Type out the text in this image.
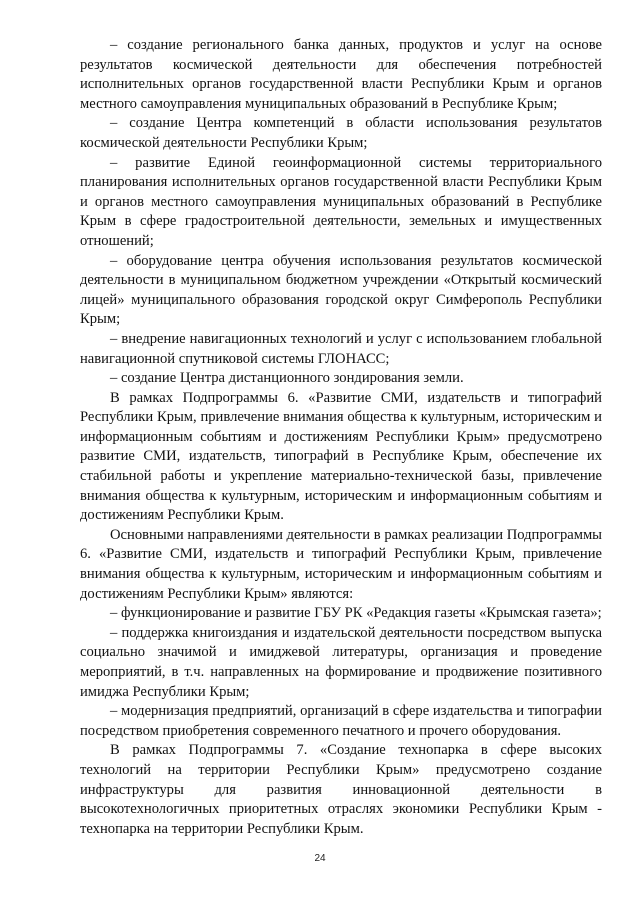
– создание регионального банка данных, продуктов и услуг на основе результатов космической деятельности для обеспечения потребностей исполнительных органов государственной власти Республики Крым и органов местного самоуправления муниципальных образований в Республике Крым;

– создание Центра компетенций в области использования результатов космической деятельности Республики Крым;

– развитие Единой геоинформационной системы территориального планирования исполнительных органов государственной власти Республики Крым и органов местного самоуправления муниципальных образований в Республике Крым в сфере градостроительной деятельности, земельных и имущественных отношений;

– оборудование центра обучения использования результатов космической деятельности в муниципальном бюджетном учреждении «Открытый космический лицей» муниципального образования городской округ Симферополь Республики Крым;

– внедрение навигационных технологий и услуг с использованием глобальной навигационной спутниковой системы ГЛОНАСС;

– создание Центра дистанционного зондирования земли.

В рамках Подпрограммы 6. «Развитие СМИ, издательств и типографий Республики Крым, привлечение внимания общества к культурным, историческим и информационным событиям и достижениям Республики Крым» предусмотрено развитие СМИ, издательств, типографий в Республике Крым, обеспечение их стабильной работы и укрепление материально-технической базы, привлечение внимания общества к культурным, историческим и информационным событиям и достижениям Республики Крым.

Основными направлениями деятельности в рамках реализации Подпрограммы 6. «Развитие СМИ, издательств и типографий Республики Крым, привлечение внимания общества к культурным, историческим и информационным событиям и достижениям Республики Крым» являются:

– функционирование и развитие ГБУ РК «Редакция газеты «Крымская газета»;

– поддержка книгоиздания и издательской деятельности посредством выпуска социально значимой и имиджевой литературы, организация и проведение мероприятий, в т.ч. направленных на формирование и продвижение позитивного имиджа Республики Крым;

– модернизация предприятий, организаций в сфере издательства и типографии посредством приобретения современного печатного и прочего оборудования.

В рамках Подпрограммы 7. «Создание технопарка в сфере высоких технологий на территории Республики Крым» предусмотрено создание инфраструктуры для развития инновационной деятельности в высокотехнологичных приоритетных отраслях экономики Республики Крым - технопарка на территории Республики Крым.

24
